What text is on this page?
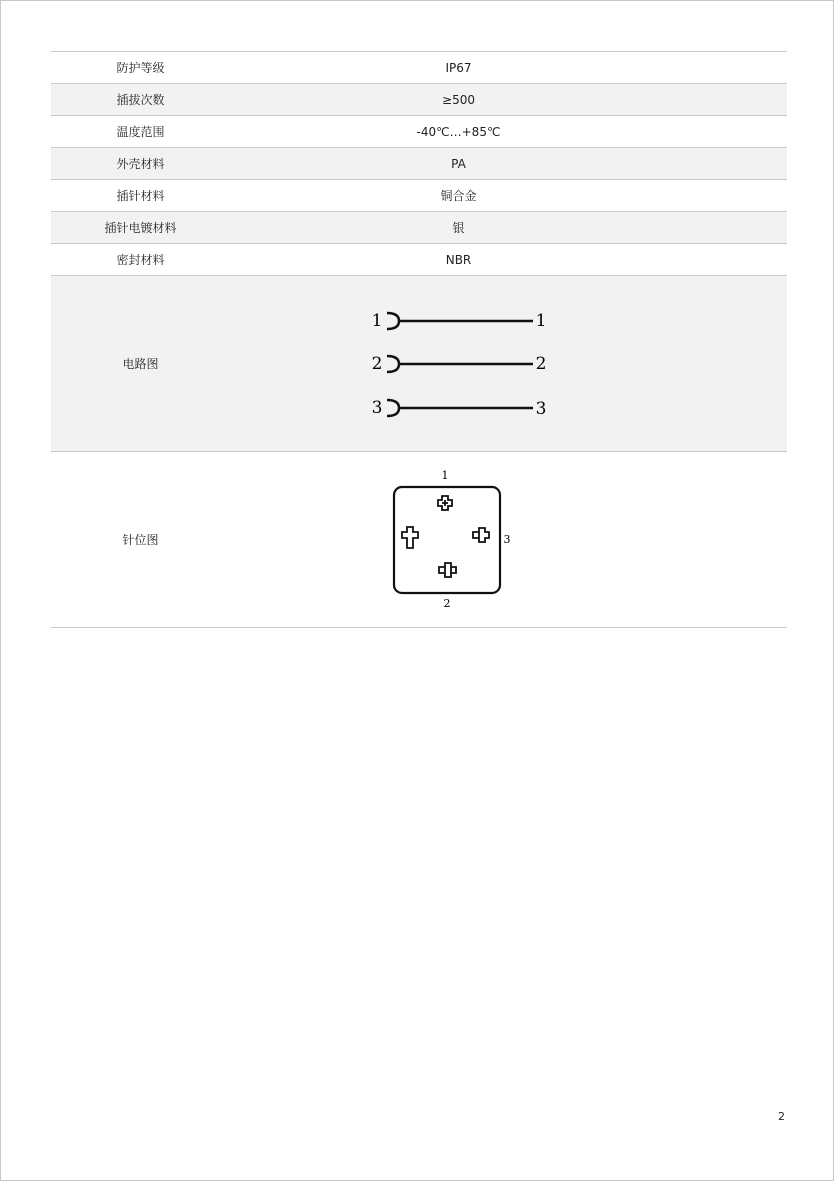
防护等级	IP67
插拔次数	≥500
温度范围	-40℃…+85℃
外壳材料	PA
插针材料	铜合金
插针电镀材料	银
密封材料	NBR
电路图
1	1
2	2
3	3
针位图
1
3
2
2
